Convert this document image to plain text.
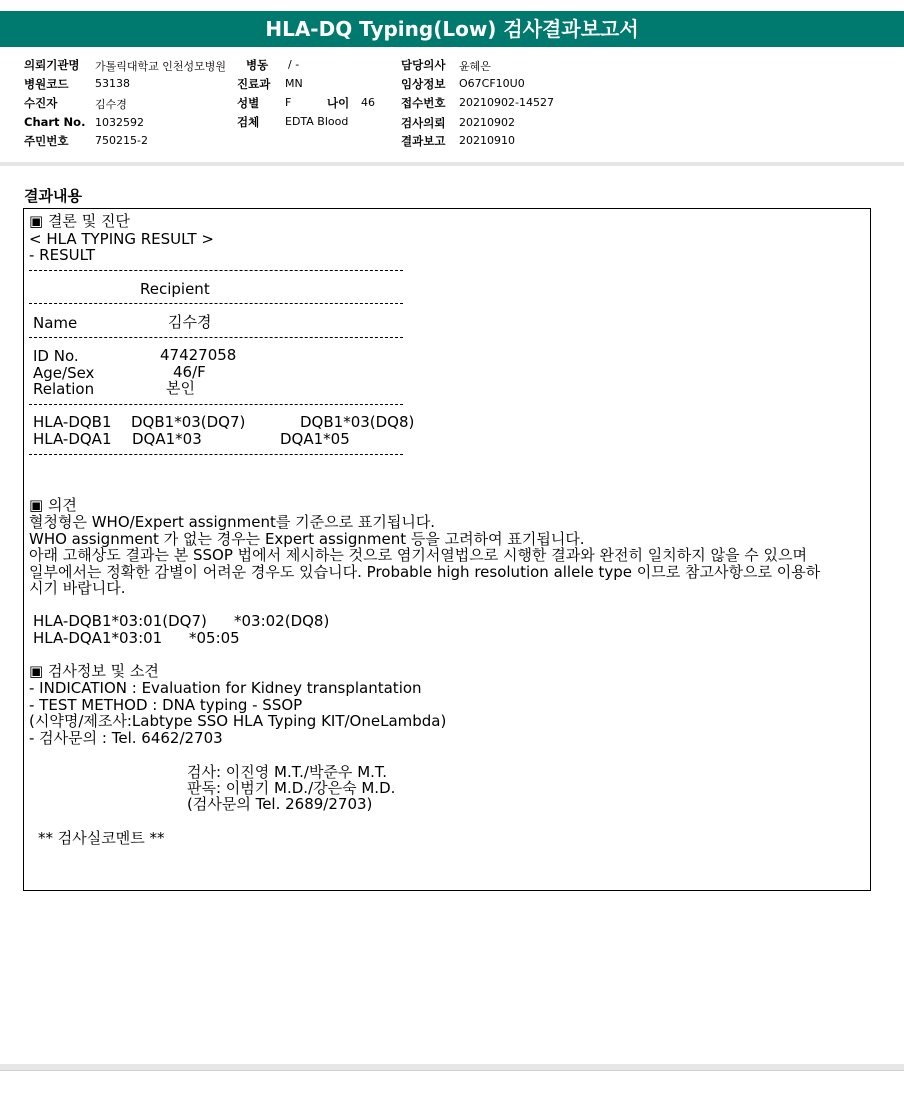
HLA-DQ Typing(Low) 검사결과보고서
의뢰기관명 가톨릭대학교 인천성모병원 병동 / -	담당의사 윤혜은
병원코드 53138	진료과 MN	임상정보 O67CF10U0
수진자	김수경	성별 F	나이 46 접수번호 20210902-14527
Chart No. 1032592	검체 EDTA Blood	검사의뢰 20210902
주민번호 750215-2	결과보고 20210910
결과내용
▣ 결론 및 진단
< HLA TYPING RESULT >
- RESULT
Recipient
Name	김수경
ID No.	47427058
Age/Sex	46/F
Relation	본인
HLA-DQB1 DQB1*03(DQ7)	DQB1*03(DQ8)
HLA-DQA1 DQA1*03	DQA1*05
▣ 의견
혈청형은 WHO/Expert assignment를 기준으로 표기됩니다.
WHO assignment 가 없는 경우는 Expert assignment 등을 고려하여 표기됩니다.
아래 고해상도 결과는 본 SSOP 법에서 제시하는 것으로 염기서열법으로 시행한 결과와 완전히 일치하지 않을 수 있으며
일부에서는 정확한 감별이 어려운 경우도 있습니다. Probable high resolution allele type 이므로 참고사항으로 이용하
시기 바랍니다.
HLA-DQB1*03:01(DQ7) *03:02(DQ8)
HLA-DQA1*03:01 *05:05
▣ 검사정보 및 소견
- INDICATION : Evaluation for Kidney transplantation
- TEST METHOD : DNA typing - SSOP
(시약명/제조사:Labtype SSO HLA Typing KIT/OneLambda)
- 검사문의 : Tel. 6462/2703
검사: 이진영 M.T./박준우 M.T.
판독: 이범기 M.D./강은숙 M.D.
(검사문의 Tel. 2689/2703)
** 검사실코멘트 **
